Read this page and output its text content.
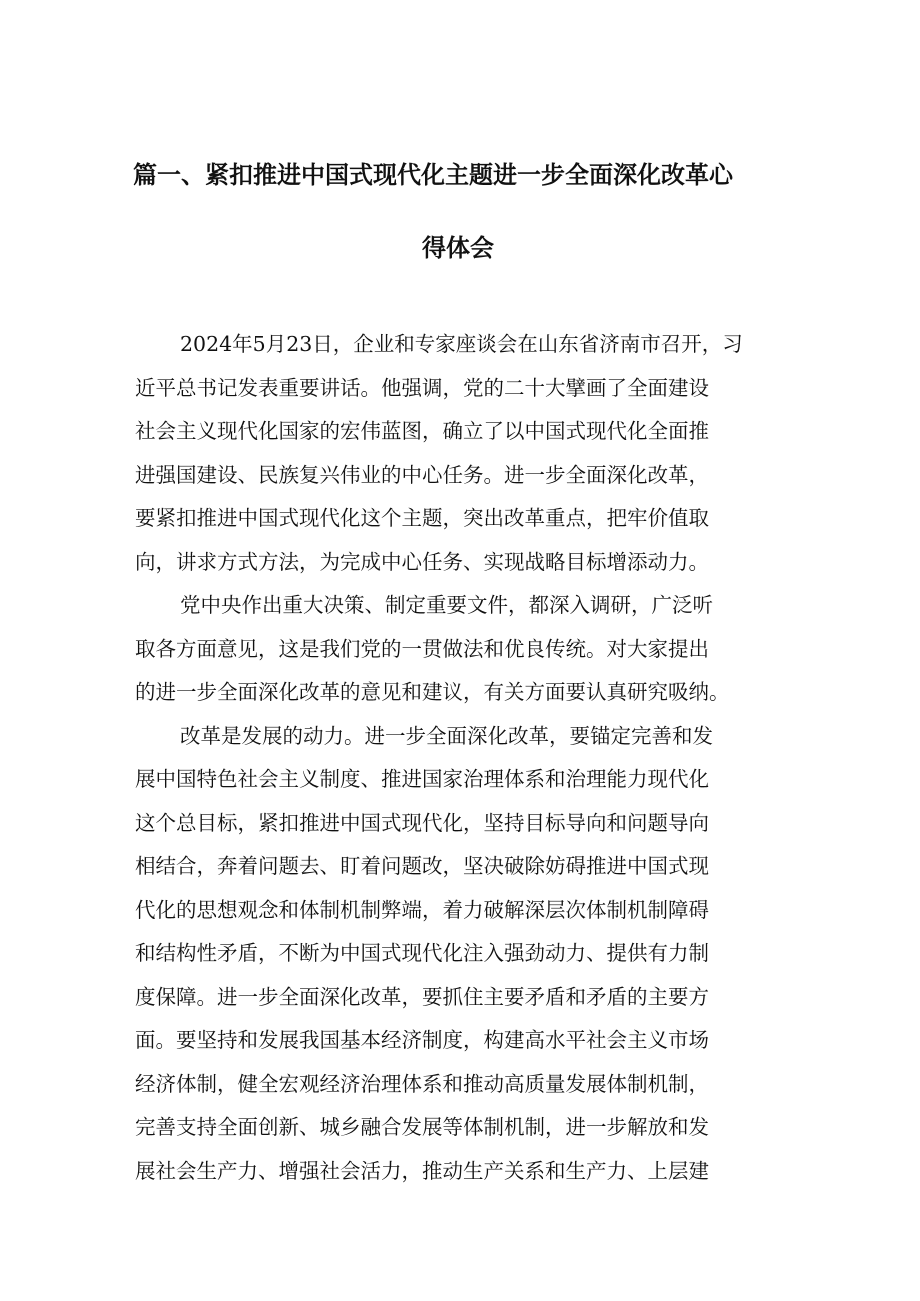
篇一、紧扣推进中国式现代化主题进一步全面深化改革心
得体会
2024年5月23日，企业和专家座谈会在山东省济南市召开，习
近平总书记发表重要讲话。他强调，党的二十大擘画了全面建设
社会主义现代化国家的宏伟蓝图，确立了以中国式现代化全面推
进强国建设、民族复兴伟业的中心任务。进一步全面深化改革，
要紧扣推进中国式现代化这个主题，突出改革重点，把牢价值取
向，讲求方式方法，为完成中心任务、实现战略目标增添动力。
党中央作出重大决策、制定重要文件，都深入调研，广泛听
取各方面意见，这是我们党的一贯做法和优良传统。对大家提出
的进一步全面深化改革的意见和建议，有关方面要认真研究吸纳。
改革是发展的动力。进一步全面深化改革，要锚定完善和发
展中国特色社会主义制度、推进国家治理体系和治理能力现代化
这个总目标，紧扣推进中国式现代化，坚持目标导向和问题导向
相结合，奔着问题去、盯着问题改，坚决破除妨碍推进中国式现
代化的思想观念和体制机制弊端，着力破解深层次体制机制障碍
和结构性矛盾，不断为中国式现代化注入强劲动力、提供有力制
度保障。进一步全面深化改革，要抓住主要矛盾和矛盾的主要方
面。要坚持和发展我国基本经济制度，构建高水平社会主义市场
经济体制，健全宏观经济治理体系和推动高质量发展体制机制，
完善支持全面创新、城乡融合发展等体制机制，进一步解放和发
展社会生产力、增强社会活力，推动生产关系和生产力、上层建
